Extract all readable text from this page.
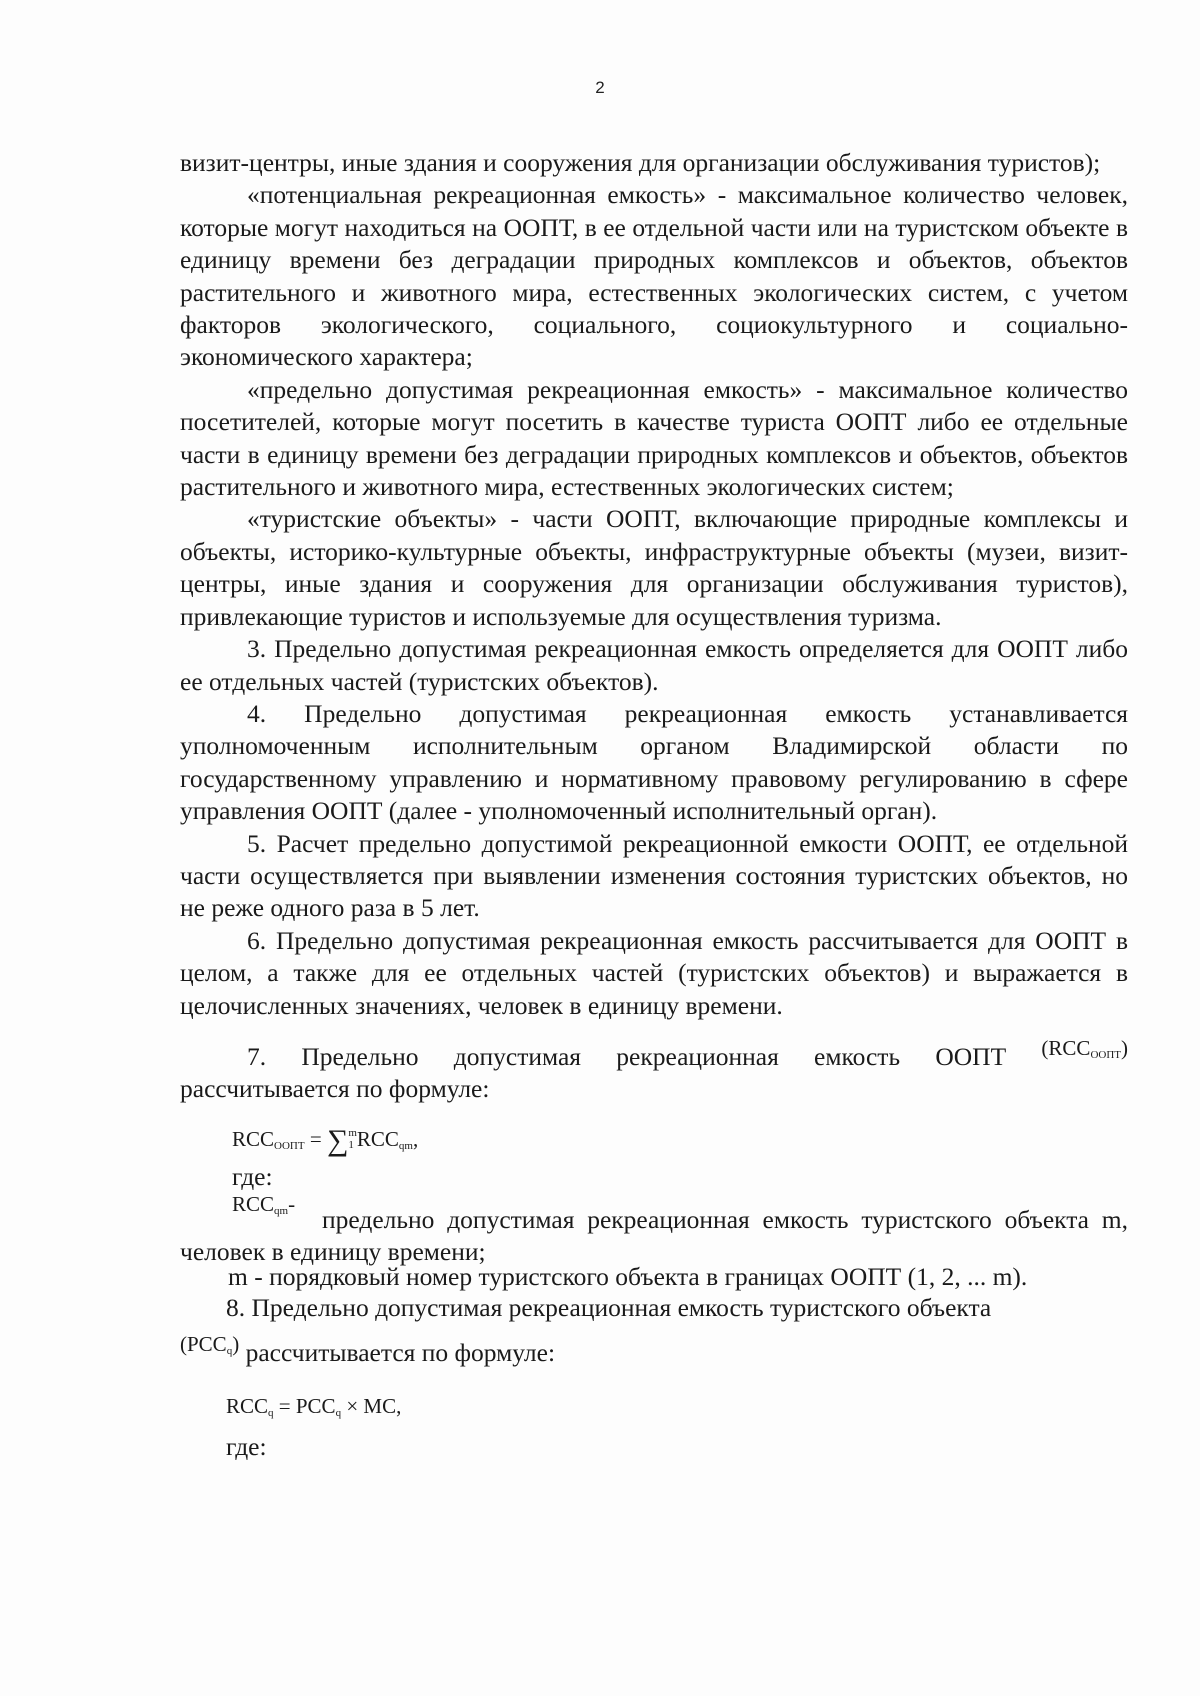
2

визит-центры, иные здания и сооружения для организации обслуживания туристов);

«потенциальная рекреационная емкость» - максимальное количество человек, которые могут находиться на ООПТ, в ее отдельной части или на туристском объекте в единицу времени без деградации природных комплексов и объектов, объектов растительного и животного мира, естественных экологических систем, с учетом факторов экологического, социального, социокультурного и социально-экономического характера;

«предельно допустимая рекреационная емкость» - максимальное количество посетителей, которые могут посетить в качестве туриста ООПТ либо ее отдельные части в единицу времени без деградации природных комплексов и объектов, объектов растительного и животного мира, естественных экологических систем;

«туристские объекты» - части ООПТ, включающие природные комплексы и объекты, историко-культурные объекты, инфраструктурные объекты (музеи, визит-центры, иные здания и сооружения для организации обслуживания туристов), привлекающие туристов и используемые для осуществления туризма.

3. Предельно допустимая рекреационная емкость определяется для ООПТ либо ее отдельных частей (туристских объектов).

4. Предельно допустимая рекреационная емкость устанавливается уполномоченным исполнительным органом Владимирской области по государственному управлению и нормативному правовому регулированию в сфере управления ООПТ (далее - уполномоченный исполнительный орган).

5. Расчет предельно допустимой рекреационной емкости ООПТ, ее отдельной части осуществляется при выявлении изменения состояния туристских объектов, но не реже одного раза в 5 лет.

6. Предельно допустимая рекреационная емкость рассчитывается для ООПТ в целом, а также для ее отдельных частей (туристских объектов) и выражается в целочисленных значениях, человек в единицу времени.

7. Предельно допустимая рекреационная емкость ООПТ $^{(RCC_{ООПТ})}$ рассчитывается по формуле:

$RCC_{ООПТ} = \sum m$
1 $RCC_{qm}$,
где:
$RCC_{qm}-$

предельно допустимая рекреационная емкость туристского объекта m, человек в единицу времени;

m - порядковый номер туристского объекта в границах ООПТ (1, 2, ... m).

8. Предельно допустимая рекреационная емкость туристского объекта

$^{(PCC_q)}$ рассчитывается по формуле:

$RCC_q = PCC_q$ × MC,
где:
